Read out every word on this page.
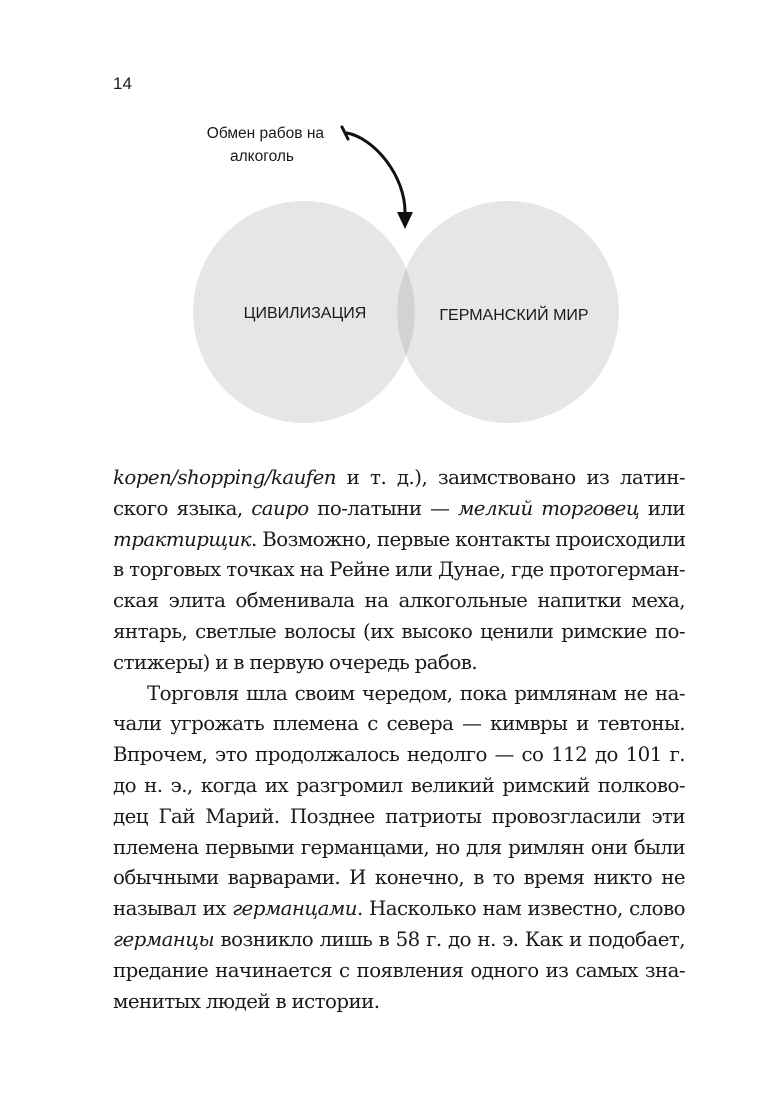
14
Обмен рабов на
алкоголь
ЦИВИЛИЗАЦИЯ	ГЕРМАНСКИЙ МИР
kopen/shopping/kaufen и т. д.), заимствовано из латин-
ского языка, cauро по-латыни — мелкий торговец или
трактирщик. Возможно, первые контакты происходили
в торговых точках на Рейне или Дунае, где протогерман-
ская элита обменивала на алкогольные напитки меха,
янтарь, светлые волосы (их высоко ценили римские по-
стижеры) и в первую очередь рабов.
Торговля шла своим чередом, пока римлянам не на-
чали угрожать племена с севера — кимвры и тевтоны.
Впрочем, это продолжалось недолго — со 112 до 101 г.
до н. э., когда их разгромил великий римский полково-
дец Гай Марий. Позднее патриоты провозгласили эти
племена первыми германцами, но для римлян они были
обычными варварами. И конечно, в то время никто не
называл их германцами. Насколько нам известно, слово
германцы возникло лишь в 58 г. до н. э. Как и подобает,
предание начинается с появления одного из самых зна-
менитых людей в истории.
